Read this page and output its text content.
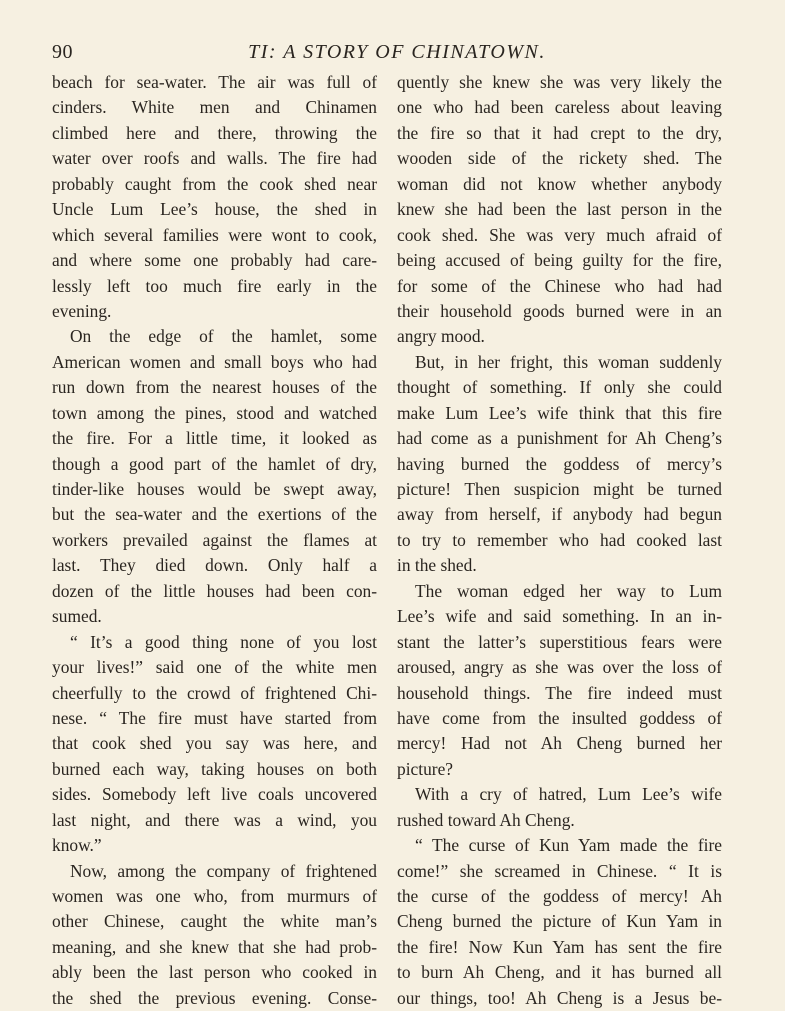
90	TI: A STORY OF CHINATOWN.
beach for sea-water. The air was full of
cinders. White men and Chinamen
climbed here and there, throwing the
water over roofs and walls. The fire had
probably caught from the cook shed near
Uncle Lum Lee’s house, the shed in
which several families were wont to cook,
and where some one probably had care-
lessly left too much fire early in the
evening.
On the edge of the hamlet, some
American women and small boys who had
run down from the nearest houses of the
town among the pines, stood and watched
the fire. For a little time, it looked as
though a good part of the hamlet of dry,
tinder-like houses would be swept away,
but the sea-water and the exertions of the
workers prevailed against the flames at
last. They died down. Only half a
dozen of the little houses had been con-
sumed.
“ It’s a good thing none of you lost
your lives!” said one of the white men
cheerfully to the crowd of frightened Chi-
nese. “ The fire must have started from
that cook shed you say was here, and
burned each way, taking houses on both
sides. Somebody left live coals uncovered
last night, and there was a wind, you
know.”
Now, among the company of frightened
women was one who, from murmurs of
other Chinese, caught the white man’s
meaning, and she knew that she had prob-
ably been the last person who cooked in
the shed the previous evening. Conse-
quently she knew she was very likely the
one who had been careless about leaving
the fire so that it had crept to the dry,
wooden side of the rickety shed. The
woman did not know whether anybody
knew she had been the last person in the
cook shed. She was very much afraid of
being accused of being guilty for the fire,
for some of the Chinese who had had
their household goods burned were in an
angry mood.
But, in her fright, this woman suddenly
thought of something. If only she could
make Lum Lee’s wife think that this fire
had come as a punishment for Ah Cheng’s
having burned the goddess of mercy’s
picture! Then suspicion might be turned
away from herself, if anybody had begun
to try to remember who had cooked last
in the shed.
The woman edged her way to Lum
Lee’s wife and said something. In an in-
stant the latter’s superstitious fears were
aroused, angry as she was over the loss of
household things. The fire indeed must
have come from the insulted goddess of
mercy! Had not Ah Cheng burned her
picture?
With a cry of hatred, Lum Lee’s wife
rushed toward Ah Cheng.
“ The curse of Kun Yam made the fire
come!” she screamed in Chinese. “ It is
the curse of the goddess of mercy! Ah
Cheng burned the picture of Kun Yam in
the fire! Now Kun Yam has sent the fire
to burn Ah Cheng, and it has burned all
our things, too! Ah Cheng is a Jesus be-
